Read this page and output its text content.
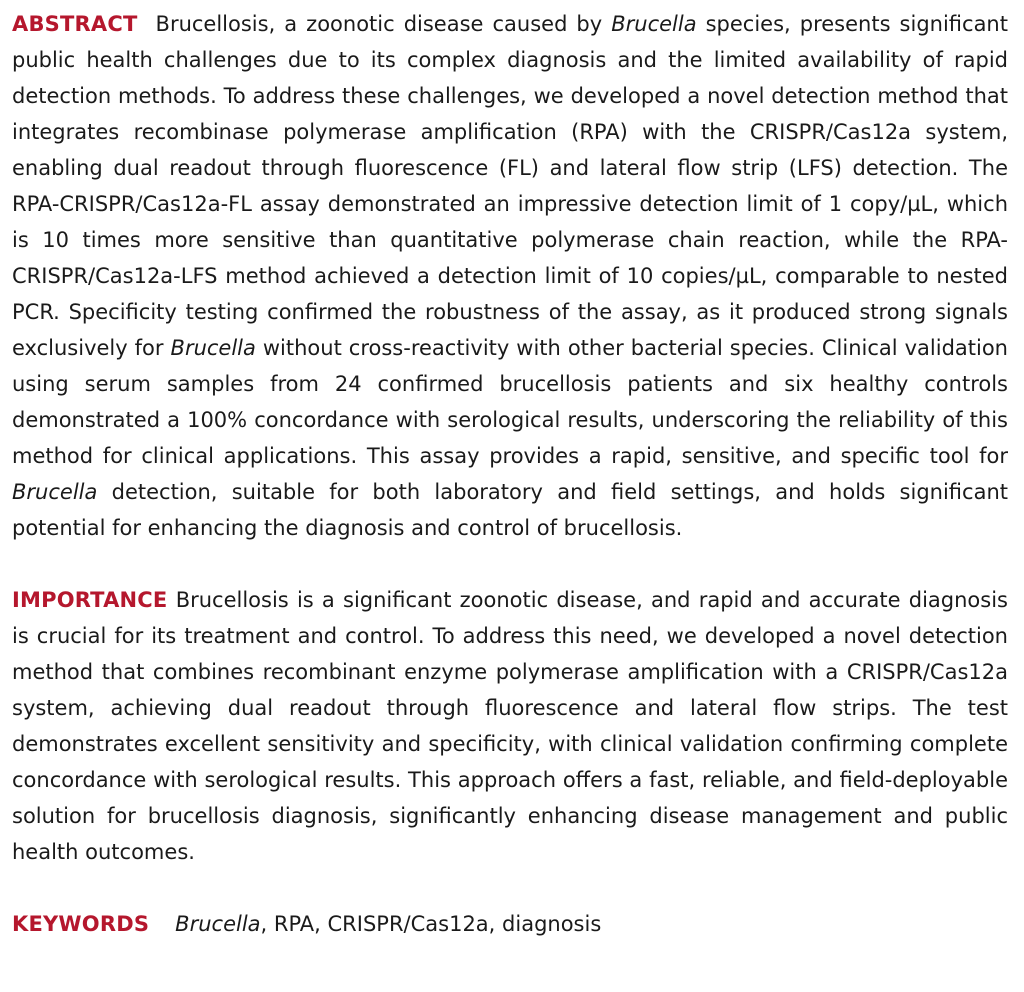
ABSTRACT Brucellosis, a zoonotic disease caused by Brucella species, presents significant public health challenges due to its complex diagnosis and the limited availability of rapid detection methods. To address these challenges, we developed a novel detection method that integrates recombinase polymerase amplification (RPA) with the CRISPR/Cas12a system, enabling dual readout through fluorescence (FL) and lateral flow strip (LFS) detection. The RPA-CRISPR/Cas12a-FL assay demonstrated an impressive detection limit of 1 copy/µL, which is 10 times more sensitive than quantitative polymerase chain reaction, while the RPA-CRISPR/Cas12a-LFS method achieved a detection limit of 10 copies/µL, comparable to nested PCR. Specificity testing confirmed the robustness of the assay, as it produced strong signals exclusively for Brucella without cross-reactivity with other bacterial species. Clinical validation using serum samples from 24 confirmed brucellosis patients and six healthy controls demonstrated a 100% concordance with serological results, underscoring the reliability of this method for clinical applications. This assay provides a rapid, sensitive, and specific tool for Brucella detection, suitable for both laboratory and field settings, and holds significant potential for enhancing the diagnosis and control of brucellosis.

IMPORTANCE Brucellosis is a significant zoonotic disease, and rapid and accurate diagnosis is crucial for its treatment and control. To address this need, we developed a novel detection method that combines recombinant enzyme polymerase amplification with a CRISPR/Cas12a system, achieving dual readout through fluorescence and lateral flow strips. The test demonstrates excellent sensitivity and specificity, with clinical validation confirming complete concordance with serological results. This approach offers a fast, reliable, and field-deployable solution for brucellosis diagnosis, significantly enhancing disease management and public health outcomes.

KEYWORDS Brucella, RPA, CRISPR/Cas12a, diagnosis
